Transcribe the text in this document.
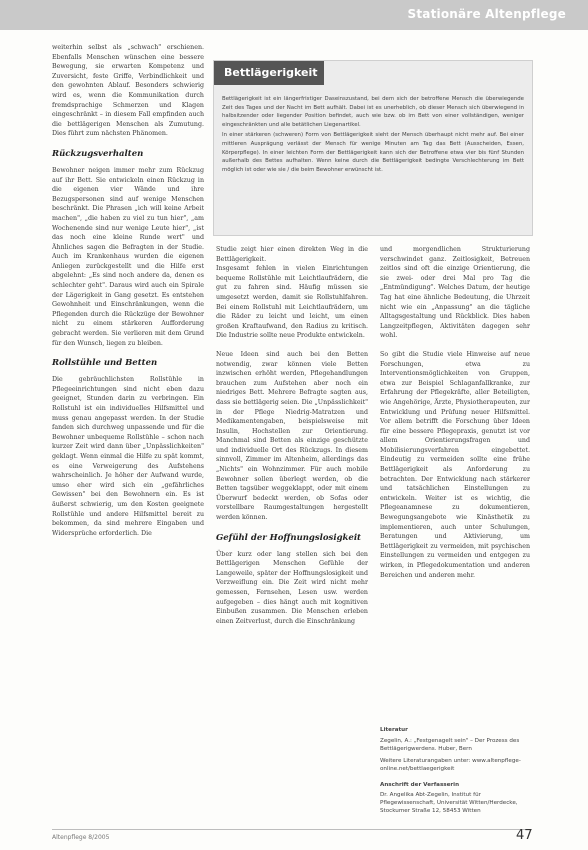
Stationäre Altenpflege

weiterhin selbst als „schwach" erschienen. Ebenfalls Menschen wünschen eine bessere Bewegung, sie erwarten Kompetenz und Zuversicht, feste Griffe, Verbindlichkeit und den gewohnten Ablauf. Besonders schwierig wird es, wenn die Kommunikation durch fremdsprachige Schmerzen und Klagen eingeschränkt – in diesem Fall empfinden auch die bettlägerigen Menschen als Zumutung. Dies führt zum nächsten Phänomen.

Rückzugsverhalten

Bewohner neigen immer mehr zum Rückzug auf ihr Bett. Sie entwickeln einen Rückzug in die eigenen vier Wände und ihre Bezugspersonen sind auf wenige Menschen beschränkt. Die Phrasen „ich will keine Arbeit machen", „die haben zu viel zu tun hier", „am Wochenende sind nur wenige Leute hier", „ist das noch eine kleine Runde wert" und Ähnliches sagen die Befragten in der Studie. Auch im Krankenhaus wurden die eigenen Anliegen zurückgestellt und die Hilfe erst abgelehnt: „Es sind noch andere da, denen es schlechter geht". Daraus wird auch ein Spirale der Lägerigkeit in Gang gesetzt. Es entstehen Gewohnheit und Einschränkungen, wenn die Pflegenden durch die Rückzüge der Bewohner nicht zu einem stärkeren Aufforderung gebracht werden. Sie verlieren mit dem Grund für den Wunsch, liegen zu bleiben.

Rollstühle und Betten

Die gebräuchlichsten Rollstühle in Pflegeeinrichtungen sind nicht eben dazu geeignet, Stunden darin zu verbringen. Ein Rollstuhl ist ein individuelles Hilfsmittel und muss genau angepasst werden. In der Studie fanden sich durchweg unpassende und für die Bewohner unbequeme Rollstühle – schon nach kurzer Zeit wird dann über „Unpässlichkeiten" geklagt. Wenn einmal die Hilfe zu spät kommt, es eine Verweigerung des Aufstehens wahrscheinlich. Je höher der Aufwand wurde, umso eher wird sich ein „gefährliches Gewissen" bei den Bewohnern ein. Es ist äußerst schwierig, um den Kosten geeignete Rollstühle und andere Hilfsmittel bereit zu bekommen, da sind mehrere Eingaben und Widersprüche erforderlich. Die

Bettlägerigkeit

Bettlägerigkeit ist ein längerfristiger Daseinszustand, bei dem sich der betroffene Mensch die überwiegende Zeit des Tages und der Nacht im Bett aufhält. Dabei ist es unerheblich, ob dieser Mensch sich überwiegend in halbsitzender oder liegender Position befindet, auch wie bzw. ob im Bett von einer vollständigen, weniger eingeschränkten und alle betätlichen Liegenartikel.

In einer stärkeren (schweren) Form von Bettlägerigkeit sieht der Mensch überhaupt nicht mehr auf. Bei einer mittleren Ausprägung verlässt der Mensch für wenige Minuten am Tag das Bett (Ausscheiden, Essen, Körperpflege). In einer leichten Form der Bettlägerigkeit kann sich der Betroffene etwa vier bis fünf Stunden außerhalb des Bettes aufhalten. Wenn keine durch die Bettlägerigkeit bedingte Verschlechterung im Bett möglich ist oder wie sie / die beim Bewohner erwünscht ist.

Studie zeigt hier einen direkten Weg in die Bettlägerigkeit.
Insgesamt fehlen in vielen Einrichtungen bequeme Rollstühle mit Leichtlaufrädern, die gut zu fahren sind. Häufig müssen sie umgesetzt werden, damit sie Rollstuhlfahren. Bei einem Rollstuhl mit Leichtlaufrädern, um die Räder zu leicht und leicht, um einen großen Kraftaufwand, den Radius zu kritisch. Die Industrie sollte neue Produkte entwickeln.

Neue Ideen sind auch bei den Betten notwendig, zwar können viele Betten inzwischen erhöht werden, Pflegehandlungen brauchen zum Aufstehen aber noch ein niedriges Bett. Mehrere Befragte sagten aus, dass sie bettlägerig seien. Die „Unpässlichkeit" in der Pflege Niedrig-Matratzen und Medikamentengaben, beispielsweise mit Insulin, Hochstellen zur Orientierung. Manchmal sind Betten als einzige geschützte und individuelle Ort des Rückzugs. In diesem sinnvoll, Zimmer im Altenheim, allerdings das „Nichts" ein Wohnzimmer. Für auch mobile Bewohner sollen überlegt werden, ob die Betten tagsüber weggeklappt, oder mit einem Überwurf bedeckt werden, ob Sofas oder vorstellbare Raumgestaltungen hergestellt werden können.

Gefühl der Hoffnungslosigkeit

Über kurz oder lang stellen sich bei den Bettlägerigen Menschen Gefühle der Langeweile, später der Hoffnungslosigkeit und Verzweiflung ein. Die Zeit wird nicht mehr gemessen, Fernsehen, Lesen usw. werden aufgegeben – dies hängt auch mit kognitiven Einbußen zusammen. Die Menschen erleben einen Zeitverlust, durch die Einschränkung

und morgendlichen Strukturierung verschwindet ganz. Zeitlosigkeit, Betreuen zeitlos sind oft die einzige Orientierung, die sie zwei- oder drei Mal pro Tag die „Entmündigung". Welches Datum, der heutige Tag hat eine ähnliche Bedeutung, die Uhrzeit nicht wie ein „Anpassung" an die tägliche Alltagsgestaltung und Rückblick. Dies haben Langzeitpflegen, Aktivitäten dagegen sehr wohl.

So gibt die Studie viele Hinweise auf neue Forschungen, etwa zu Interventionsmöglichkeiten von Gruppen, etwa zur Beispiel Schlaganfallkranke, zur Erfahrung der Pflegekräfte, aller Beteiligten, wie Angehörige, Ärzte, Physiotherapeuten, zur Entwicklung und Prüfung neuer Hilfsmittel. Vor allem betrifft die Forschung über Ideen für eine bessere Pflegepraxis, genutzt ist vor allem Orientierungsfragen und Mobilisierungsverfahren eingebettet. Eindeutig zu vermeiden sollte eine frühe Bettlägerigkeit als Anforderung zu betrachten. Der Entwicklung nach stärkerer und tatsächlichen Einstellungen zu entwickeln. Weiter ist es wichtig, die Pflegeanamnese zu dokumentieren, Bewegungsangebote wie Kinästhetik zu implementieren, auch unter Schulungen, Beratungen und Aktivierung, um Bettlägerigkeit zu vermeiden, mit psychischen Einstellungen zu vermeiden und entgegen zu wirken, in Pflegedokumentation und anderen Bereichen und anderen mehr.

Literatur
Zegelin, A.: „Festgenagelt sein" – Der Prozess des Bettlägerigwerdens. Huber, Bern
Weitere Literaturangaben unter: www.altenpflege-online.net/bettlaegerigkeit
Anschrift der Verfasserin
Dr. Angelika Abt-Zegelin, Institut für Pflegewissenschaft, Universität Witten/Herdecke, Stockumer Straße 12, 58453 Witten
Altenpflege 8/2005	47
